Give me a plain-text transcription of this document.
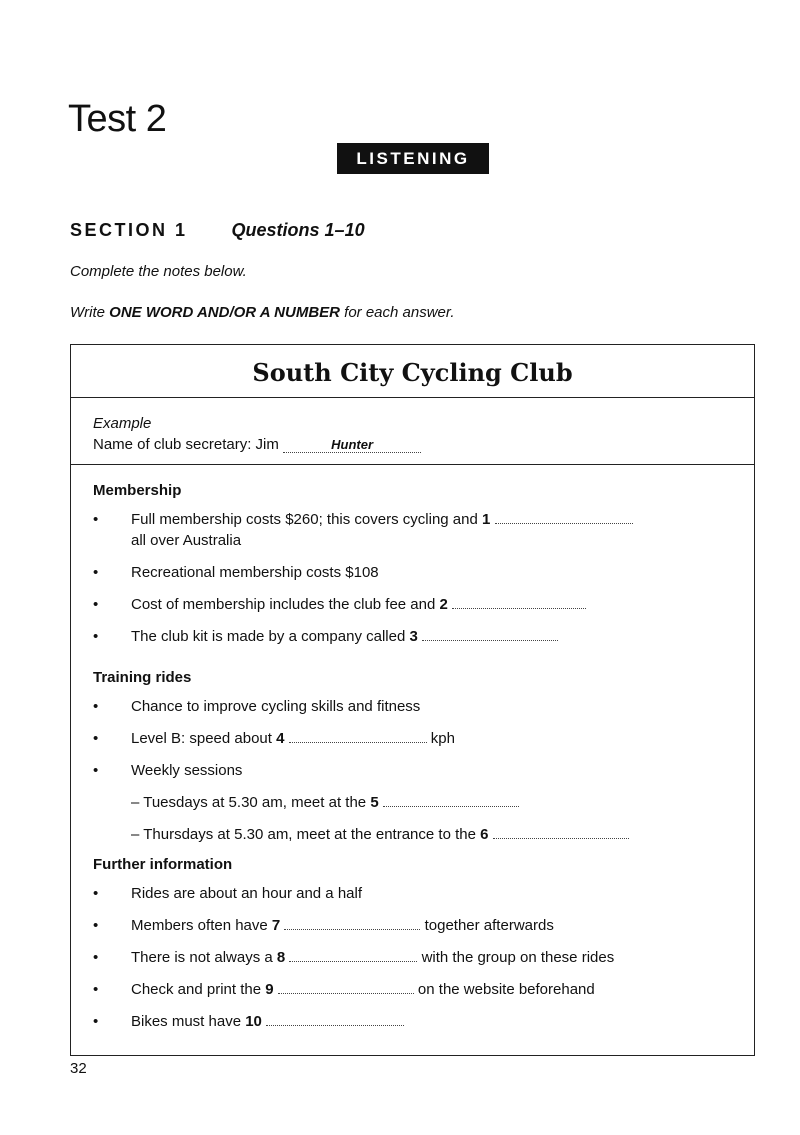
Test 2
LISTENING
SECTION 1 Questions 1–10
Complete the notes below.
Write ONE WORD AND/OR A NUMBER for each answer.
South City Cycling Club
Example
Name of club secretary: Jim	Hunter
Membership
• Full membership costs $260; this covers cycling and 1
all over Australia
• Recreational membership costs $108
• Cost of membership includes the club fee and 2
• The club kit is made by a company called 3
Training rides
• Chance to improve cycling skills and fitness
• Level B: speed about 4	kph
• Weekly sessions
– Tuesdays at 5.30 am, meet at the 5
– Thursdays at 5.30 am, meet at the entrance to the 6
Further information
• Rides are about an hour and a half
• Members often have 7	together afterwards
• There is not always a 8	with the group on these rides
• Check and print the 9	on the website beforehand
• Bikes must have 10
32
